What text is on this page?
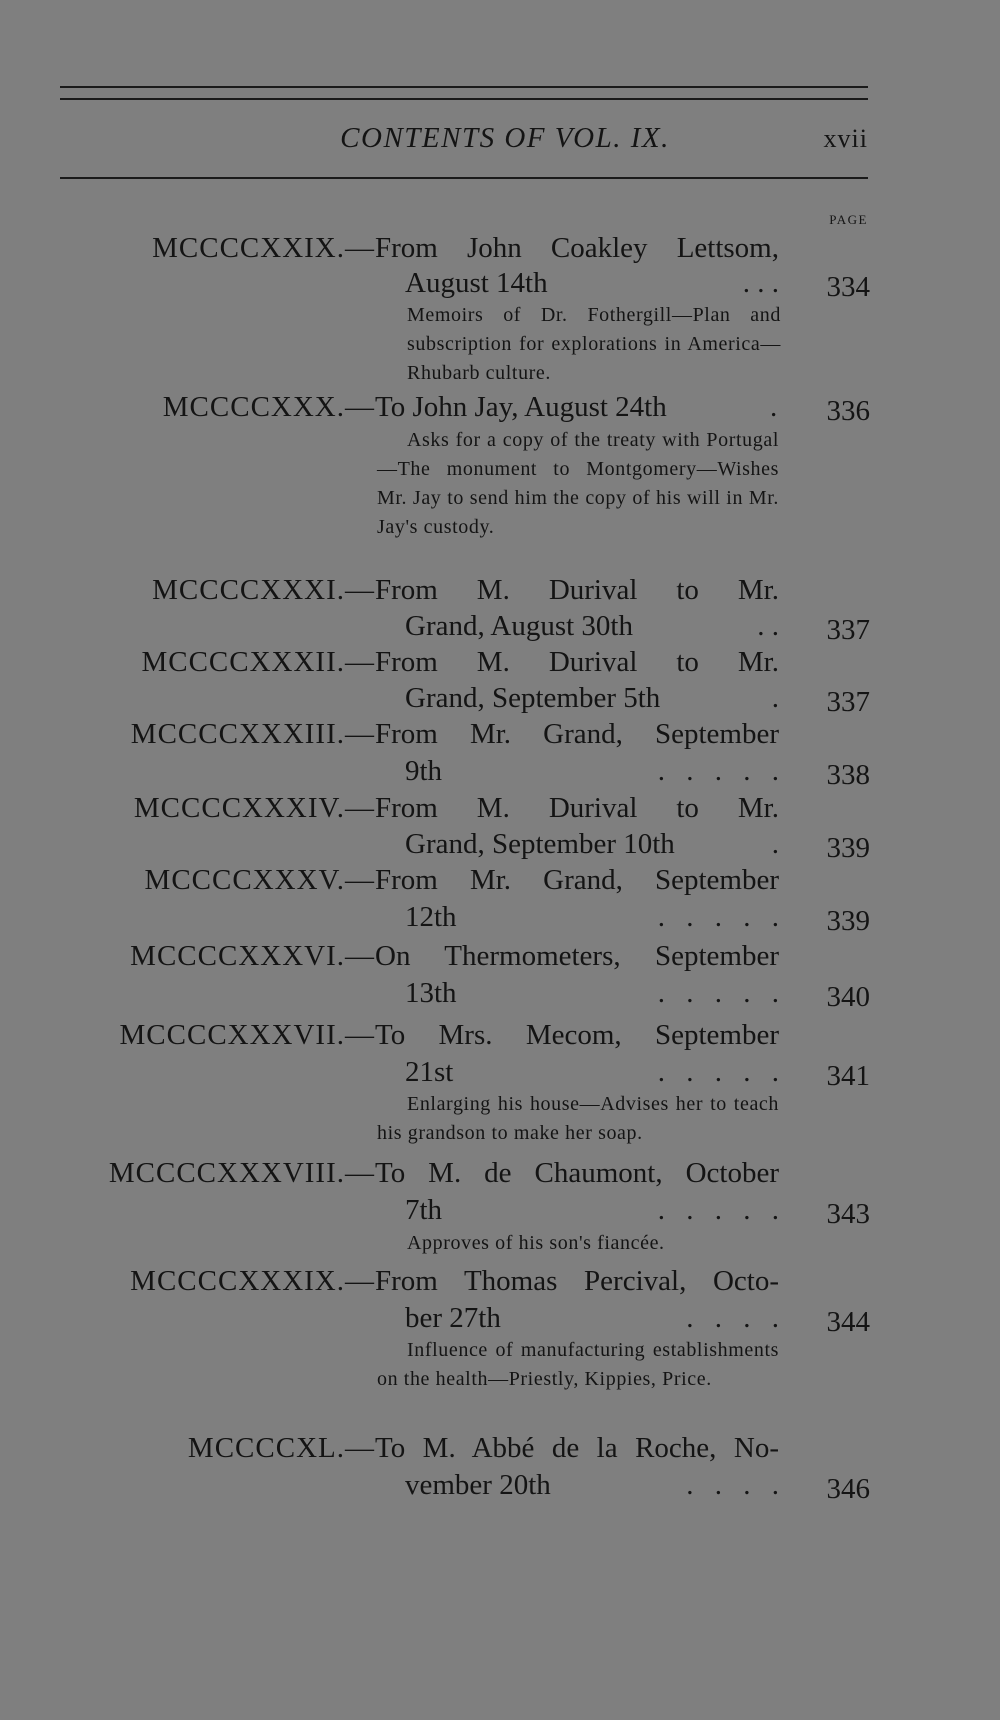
CONTENTS OF VOL. IX.	xvii
PAGE
MCCCCXXIX.— From John Coakley Lettsom,
August 14th	. . . 334
Memoirs of Dr. Fothergill—Plan and subscription for explorations in America—Rhubarb culture.
MCCCCXXX.— To John Jay, August 24th	. 336
Asks for a copy of the treaty with Portugal—The monument to Montgomery—Wishes Mr. Jay to send him the copy of his will in Mr. Jay's custody.
MCCCCXXXI.— From M. Durival to Mr.
Grand, August 30th	. . 337
MCCCCXXXII.— From M. Durival to Mr.
Grand, September 5th	. 337
MCCCCXXXIII.— From Mr. Grand, September
9th	. . . . . 338
MCCCCXXXIV.— From M. Durival to Mr.
Grand, September 10th	. 339
MCCCCXXXV.— From Mr. Grand, September
12th	. . . . . 339
MCCCCXXXVI.— On Thermometers, September
13th	. . . . . 340
MCCCCXXXVII.— To Mrs. Mecom, September
21st	. . . . . 341
Enlarging his house—Advises her to teach his grandson to make her soap.
MCCCCXXXVIII.— To M. de Chaumont, October
7th	. . . . . 343
Approves of his son's fiancée.
MCCCCXXXIX.— From Thomas Percival, Octo-
ber 27th	. . . . 344
Influence of manufacturing establishments on the health—Priestly, Kippies, Price.
MCCCCXL.— To M. Abbé de la Roche, No-
vember 20th	. . . . 346
